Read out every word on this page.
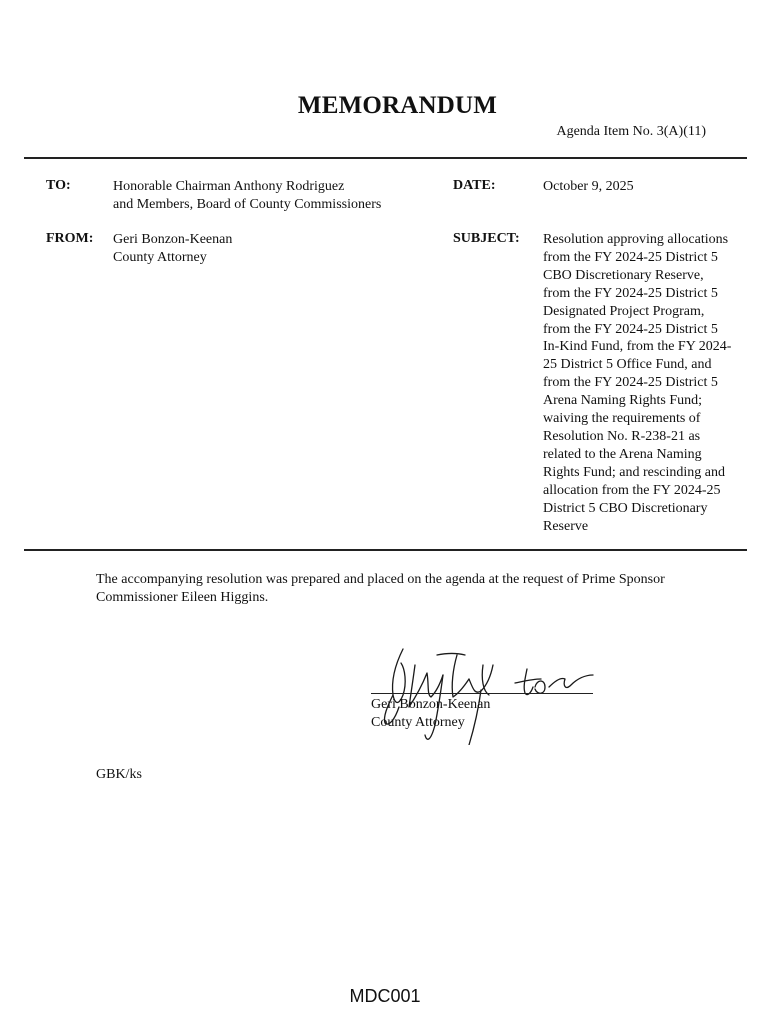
MEMORANDUM
Agenda Item No. 3(A)(11)
TO:	Honorable Chairman Anthony Rodriguez
and Members, Board of County Commissioners
DATE:	October 9, 2025
FROM: Geri Bonzon-Keenan
County Attorney
SUBJECT: Resolution approving allocations
from the FY 2024-25 District 5
CBO Discretionary Reserve,
from the FY 2024-25 District 5
Designated Project Program,
from the FY 2024-25 District 5
In-Kind Fund, from the FY 2024-
25 District 5 Office Fund, and
from the FY 2024-25 District 5
Arena Naming Rights Fund;
waiving the requirements of
Resolution No. R-238-21 as
related to the Arena Naming
Rights Fund; and rescinding and
allocation from the FY 2024-25
District 5 CBO Discretionary
Reserve
The accompanying resolution was prepared and placed on the agenda at the request of Prime Sponsor
Commissioner Eileen Higgins.
for
Geri Bonzon-Keenan
County Attorney
GBK/ks
MDC001
